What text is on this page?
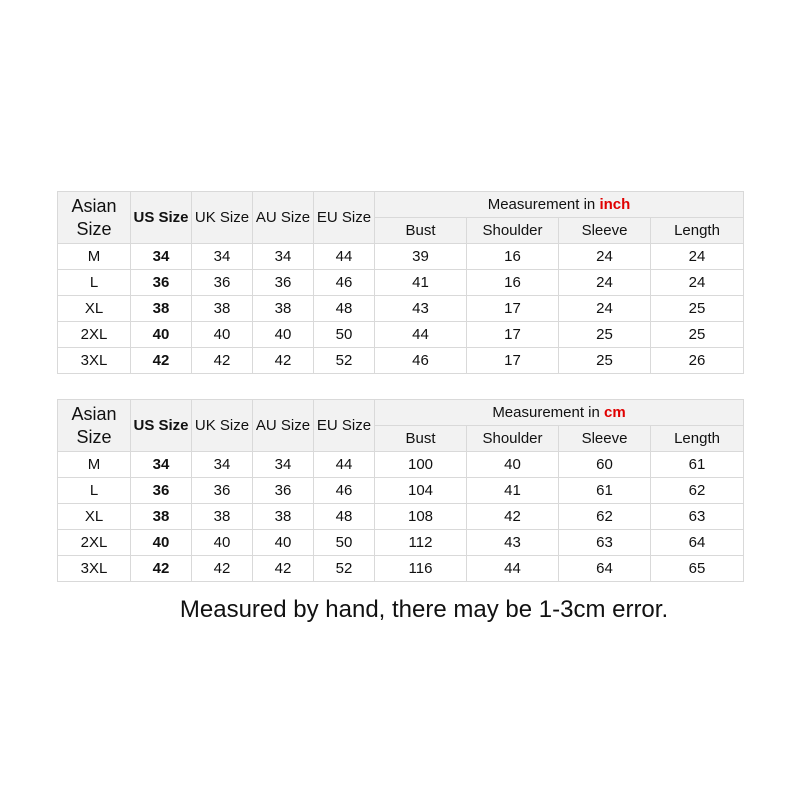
Asian Size	US Size	UK Size	AU Size	EU Size	Measurement in inch			
					Bust	Shoulder	Sleeve	Length
M	34	34	34	44	39	16	24	24
L	36	36	36	46	41	16	24	24
XL	38	38	38	48	43	17	24	25
2XL	40	40	40	50	44	17	25	25
3XL	42	42	42	52	46	17	25	26
Asian Size	US Size	UK Size	AU Size	EU Size	Measurement in cm			
					Bust	Shoulder	Sleeve	Length
M	34	34	34	44	100	40	60	61
L	36	36	36	46	104	41	61	62
XL	38	38	38	48	108	42	62	63
2XL	40	40	40	50	112	43	63	64
3XL	42	42	42	52	116	44	64	65
Measured by hand, there may be 1-3cm error.
